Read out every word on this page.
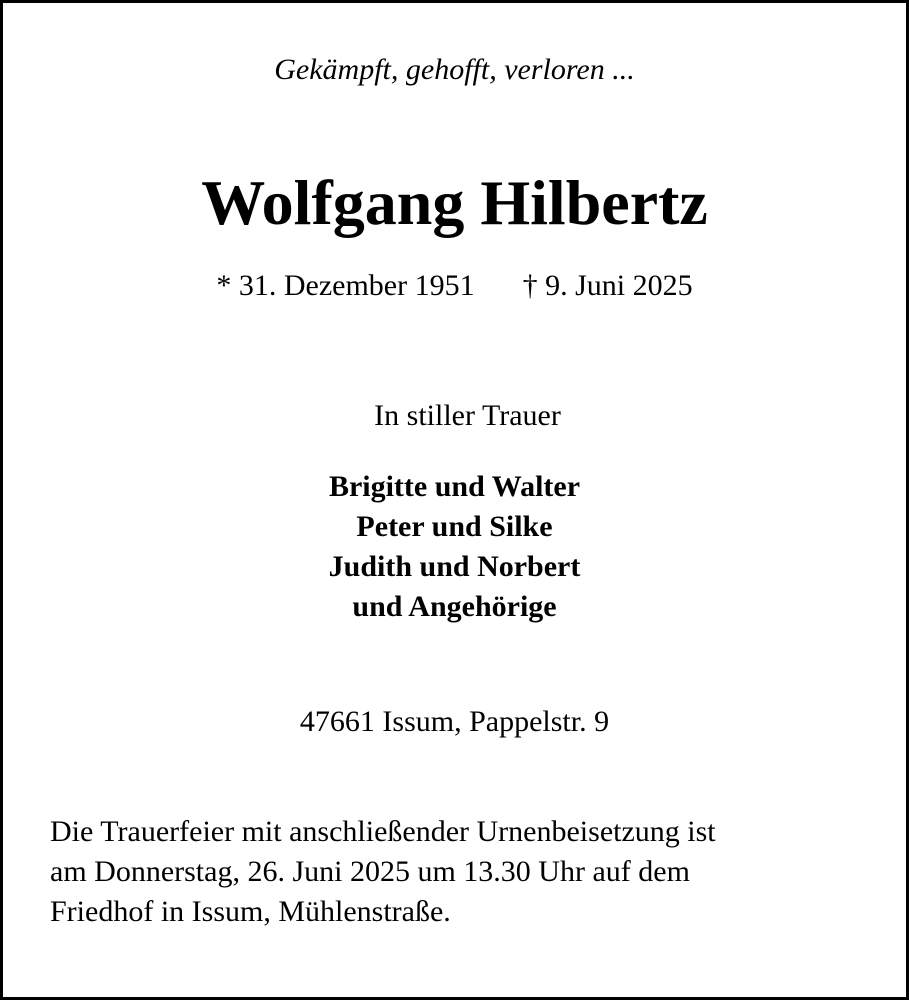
Gekämpft, gehofft, verloren ...
Wolfgang Hilbertz
* 31. Dezember 1951 † 9. Juni 2025
In stiller Trauer
Brigitte und Walter
Peter und Silke
Judith und Norbert
und Angehörige
47661 Issum, Pappelstr. 9
Die Trauerfeier mit anschließender Urnenbeisetzung ist
am Donnerstag, 26. Juni 2025 um 13.30 Uhr auf dem
Friedhof in Issum, Mühlenstraße.
